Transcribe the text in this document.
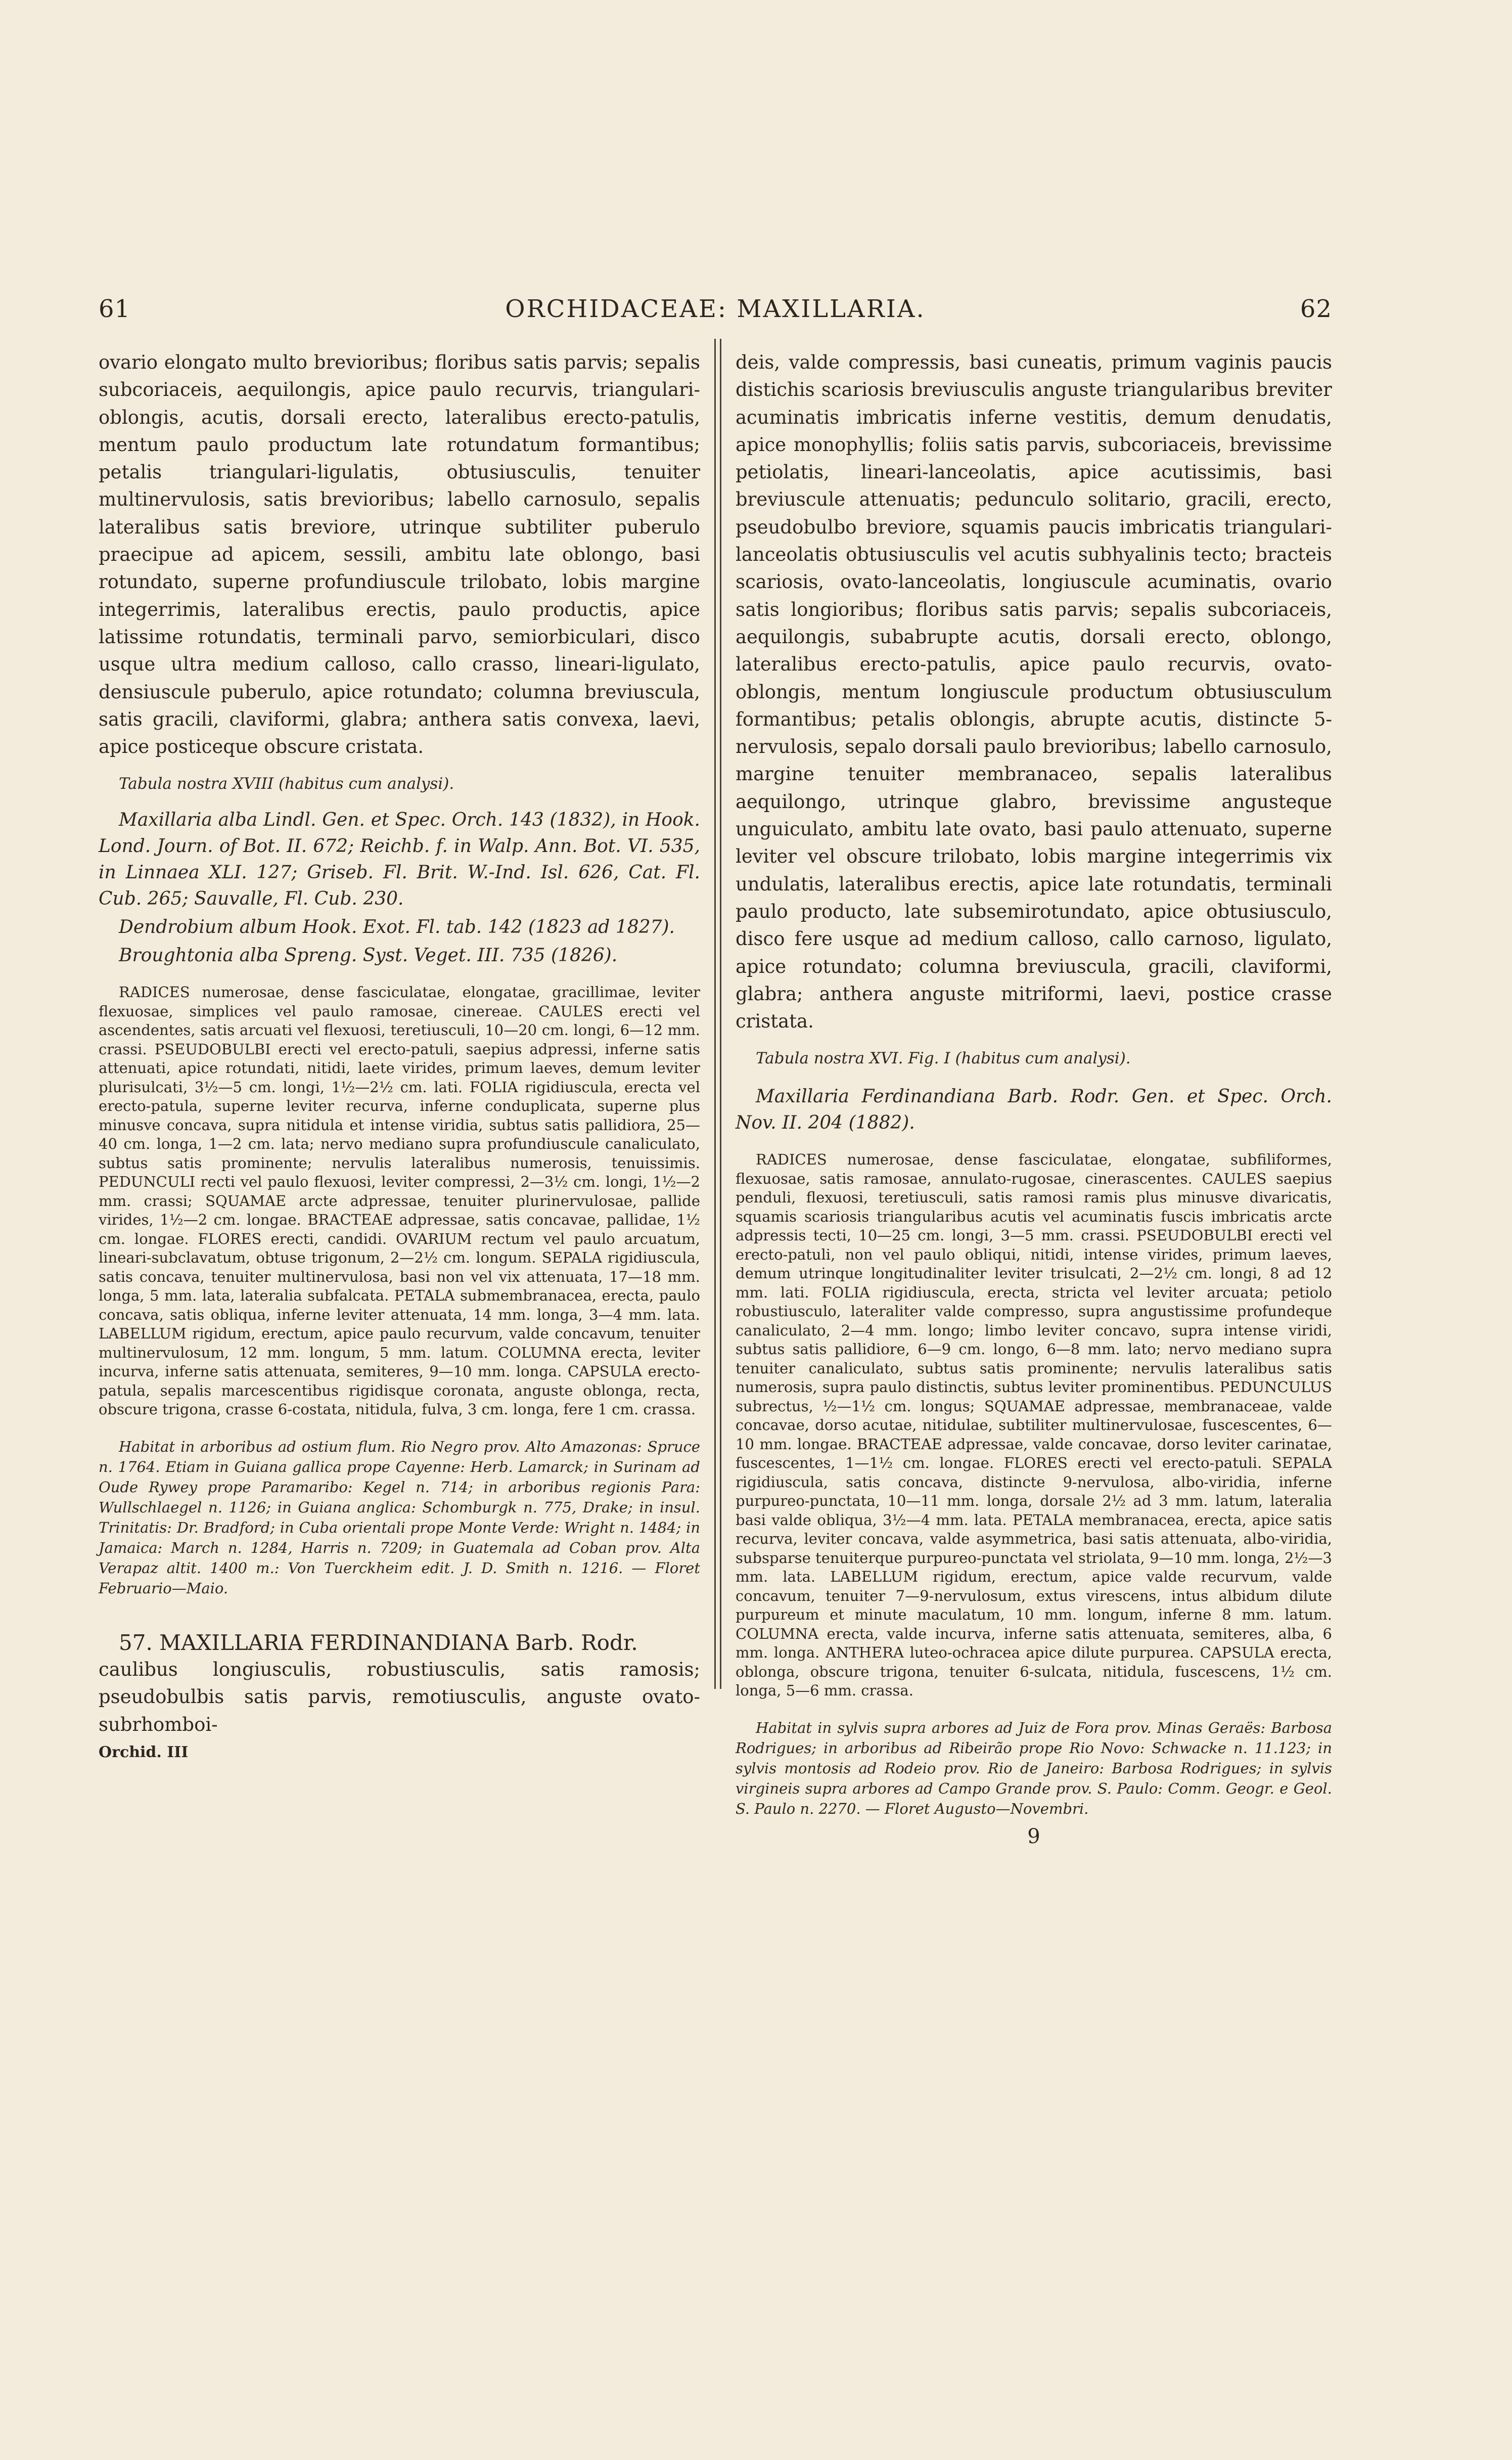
61	ORCHIDACEAE: MAXILLARIA.	62

ovario elongato multo brevioribus; floribus satis parvis; sepalis subcoriaceis, aequilongis, apice paulo recurvis, triangulari-oblongis, acutis, dorsali erecto, lateralibus erecto-patulis, mentum paulo productum late rotundatum formantibus; petalis triangulari-ligulatis, obtusiusculis, tenuiter multinervulosis, satis brevioribus; labello carnosulo, sepalis lateralibus satis breviore, utrinque subtiliter puberulo praecipue ad apicem, sessili, ambitu late oblongo, basi rotundato, superne profundiuscule trilobato, lobis margine integerrimis, lateralibus erectis, paulo productis, apice latissime rotundatis, terminali parvo, semiorbiculari, disco usque ultra medium calloso, callo crasso, lineari-ligulato, densiuscule puberulo, apice rotundato; columna breviuscula, satis gracili, claviformi, glabra; anthera satis convexa, laevi, apice posticeque obscure cristata.

Tabula nostra XVIII (habitus cum analysi).

Maxillaria alba Lindl. Gen. et Spec. Orch. 143 (1832), in Hook. Lond. Journ. of Bot. II. 672; Reichb. f. in Walp. Ann. Bot. VI. 535, in Linnaea XLI. 127; Griseb. Fl. Brit. W.-Ind. Isl. 626, Cat. Fl. Cub. 265; Sauvalle, Fl. Cub. 230.

Dendrobium album Hook. Exot. Fl. tab. 142 (1823 ad 1827).

Broughtonia alba Spreng. Syst. Veget. III. 735 (1826).

RADICES numerosae, dense fasciculatae, elongatae, gracillimae, leviter flexuosae, simplices vel paulo ramosae, cinereae. CAULES erecti vel ascendentes, satis arcuati vel flexuosi, teretiusculi, 10—20 cm. longi, 6—12 mm. crassi. PSEUDOBULBI erecti vel erecto-patuli, saepius adpressi, inferne satis attenuati, apice rotundati, nitidi, laete virides, primum laeves, demum leviter plurisulcati, 3½—5 cm. longi, 1½—2½ cm. lati. FOLIA rigidiuscula, erecta vel erecto-patula, superne leviter recurva, inferne conduplicata, superne plus minusve concava, supra nitidula et intense viridia, subtus satis pallidiora, 25—40 cm. longa, 1—2 cm. lata; nervo mediano supra profundiuscule canaliculato, subtus satis prominente; nervulis lateralibus numerosis, tenuissimis. PEDUNCULI recti vel paulo flexuosi, leviter compressi, 2—3½ cm. longi, 1½—2 mm. crassi; SQUAMAE arcte adpressae, tenuiter plurinervulosae, pallide virides, 1½—2 cm. longae. BRACTEAE adpressae, satis concavae, pallidae, 1½ cm. longae. FLORES erecti, candidi. OVARIUM rectum vel paulo arcuatum, lineari-subclavatum, obtuse trigonum, 2—2½ cm. longum. SEPALA rigidiuscula, satis concava, tenuiter multinervulosa, basi non vel vix attenuata, 17—18 mm. longa, 5 mm. lata, lateralia subfalcata. PETALA submembranacea, erecta, paulo concava, satis obliqua, inferne leviter attenuata, 14 mm. longa, 3—4 mm. lata. LABELLUM rigidum, erectum, apice paulo recurvum, valde concavum, tenuiter multinervulosum, 12 mm. longum, 5 mm. latum. COLUMNA erecta, leviter incurva, inferne satis attenuata, semiteres, 9—10 mm. longa. CAPSULA erecto-patula, sepalis marcescentibus rigidisque coronata, anguste oblonga, recta, obscure trigona, crasse 6-costata, nitidula, fulva, 3 cm. longa, fere 1 cm. crassa.

Habitat in arboribus ad ostium flum. Rio Negro prov. Alto Amazonas: Spruce n. 1764. Etiam in Guiana gallica prope Cayenne: Herb. Lamarck; in Surinam ad Oude Rywey prope Paramaribo: Kegel n. 714; in arboribus regionis Para: Wullschlaegel n. 1126; in Guiana anglica: Schomburgk n. 775, Drake; in insul. Trinitatis: Dr. Bradford; in Cuba orientali prope Monte Verde: Wright n. 1484; in Jamaica: March n. 1284, Harris n. 7209; in Guatemala ad Coban prov. Alta Verapaz altit. 1400 m.: Von Tuerckheim edit. J. D. Smith n. 1216. — Floret Februario—Maio.

57. MAXILLARIA FERDINANDIANA Barb. Rodr.

caulibus longiusculis, robustiusculis, satis ramosis; pseudobulbis satis parvis, remotiusculis, anguste ovato-subrhomboi-

Orchid. III

deis, valde compressis, basi cuneatis, primum vaginis paucis distichis scariosis breviusculis anguste triangularibus breviter acuminatis imbricatis inferne vestitis, demum denudatis, apice monophyllis; foliis satis parvis, subcoriaceis, brevissime petiolatis, lineari-lanceolatis, apice acutissimis, basi breviuscule attenuatis; pedunculo solitario, gracili, erecto, pseudobulbo breviore, squamis paucis imbricatis triangulari-lanceolatis obtusiusculis vel acutis subhyalinis tecto; bracteis scariosis, ovato-lanceolatis, longiuscule acuminatis, ovario satis longioribus; floribus satis parvis; sepalis subcoriaceis, aequilongis, subabrupte acutis, dorsali erecto, oblongo, lateralibus erecto-patulis, apice paulo recurvis, ovato-oblongis, mentum longiuscule productum obtusiusculum formantibus; petalis oblongis, abrupte acutis, distincte 5-nervulosis, sepalo dorsali paulo brevioribus; labello carnosulo, margine tenuiter membranaceo, sepalis lateralibus aequilongo, utrinque glabro, brevissime angusteque unguiculato, ambitu late ovato, basi paulo attenuato, superne leviter vel obscure trilobato, lobis margine integerrimis vix undulatis, lateralibus erectis, apice late rotundatis, terminali paulo producto, late subsemirotundato, apice obtusiusculo, disco fere usque ad medium calloso, callo carnoso, ligulato, apice rotundato; columna breviuscula, gracili, claviformi, glabra; anthera anguste mitriformi, laevi, postice crasse cristata.

Tabula nostra XVI. Fig. I (habitus cum analysi).

Maxillaria Ferdinandiana Barb. Rodr. Gen. et Spec. Orch. Nov. II. 204 (1882).

RADICES numerosae, dense fasciculatae, elongatae, subfiliformes, flexuosae, satis ramosae, annulato-rugosae, cinerascentes. CAULES saepius penduli, flexuosi, teretiusculi, satis ramosi ramis plus minusve divaricatis, squamis scariosis triangularibus acutis vel acuminatis fuscis imbricatis arcte adpressis tecti, 10—25 cm. longi, 3—5 mm. crassi. PSEUDOBULBI erecti vel erecto-patuli, non vel paulo obliqui, nitidi, intense virides, primum laeves, demum utrinque longitudinaliter leviter trisulcati, 2—2½ cm. longi, 8 ad 12 mm. lati. FOLIA rigidiuscula, erecta, stricta vel leviter arcuata; petiolo robustiusculo, lateraliter valde compresso, supra angustissime profundeque canaliculato, 2—4 mm. longo; limbo leviter concavo, supra intense viridi, subtus satis pallidiore, 6—9 cm. longo, 6—8 mm. lato; nervo mediano supra tenuiter canaliculato, subtus satis prominente; nervulis lateralibus satis numerosis, supra paulo distinctis, subtus leviter prominentibus. PEDUNCULUS subrectus, ½—1½ cm. longus; SQUAMAE adpressae, membranaceae, valde concavae, dorso acutae, nitidulae, subtiliter multinervulosae, fuscescentes, 6—10 mm. longae. BRACTEAE adpressae, valde concavae, dorso leviter carinatae, fuscescentes, 1—1½ cm. longae. FLORES erecti vel erecto-patuli. SEPALA rigidiuscula, satis concava, distincte 9-nervulosa, albo-viridia, inferne purpureo-punctata, 10—11 mm. longa, dorsale 2½ ad 3 mm. latum, lateralia basi valde obliqua, 3½—4 mm. lata. PETALA membranacea, erecta, apice satis recurva, leviter concava, valde asymmetrica, basi satis attenuata, albo-viridia, subsparse tenuiterque purpureo-punctata vel striolata, 9—10 mm. longa, 2½—3 mm. lata. LABELLUM rigidum, erectum, apice valde recurvum, valde concavum, tenuiter 7—9-nervulosum, extus virescens, intus albidum dilute purpureum et minute maculatum, 10 mm. longum, inferne 8 mm. latum. COLUMNA erecta, valde incurva, inferne satis attenuata, semiteres, alba, 6 mm. longa. ANTHERA luteo-ochracea apice dilute purpurea. CAPSULA erecta, oblonga, obscure trigona, tenuiter 6-sulcata, nitidula, fuscescens, 1½ cm. longa, 5—6 mm. crassa.

Habitat in sylvis supra arbores ad Juiz de Fora prov. Minas Geraës: Barbosa Rodrigues; in arboribus ad Ribeirão prope Rio Novo: Schwacke n. 11.123; in sylvis montosis ad Rodeio prov. Rio de Janeiro: Barbosa Rodrigues; in sylvis virgineis supra arbores ad Campo Grande prov. S. Paulo: Comm. Geogr. e Geol. S. Paulo n. 2270. — Floret Augusto—Novembri.

9
